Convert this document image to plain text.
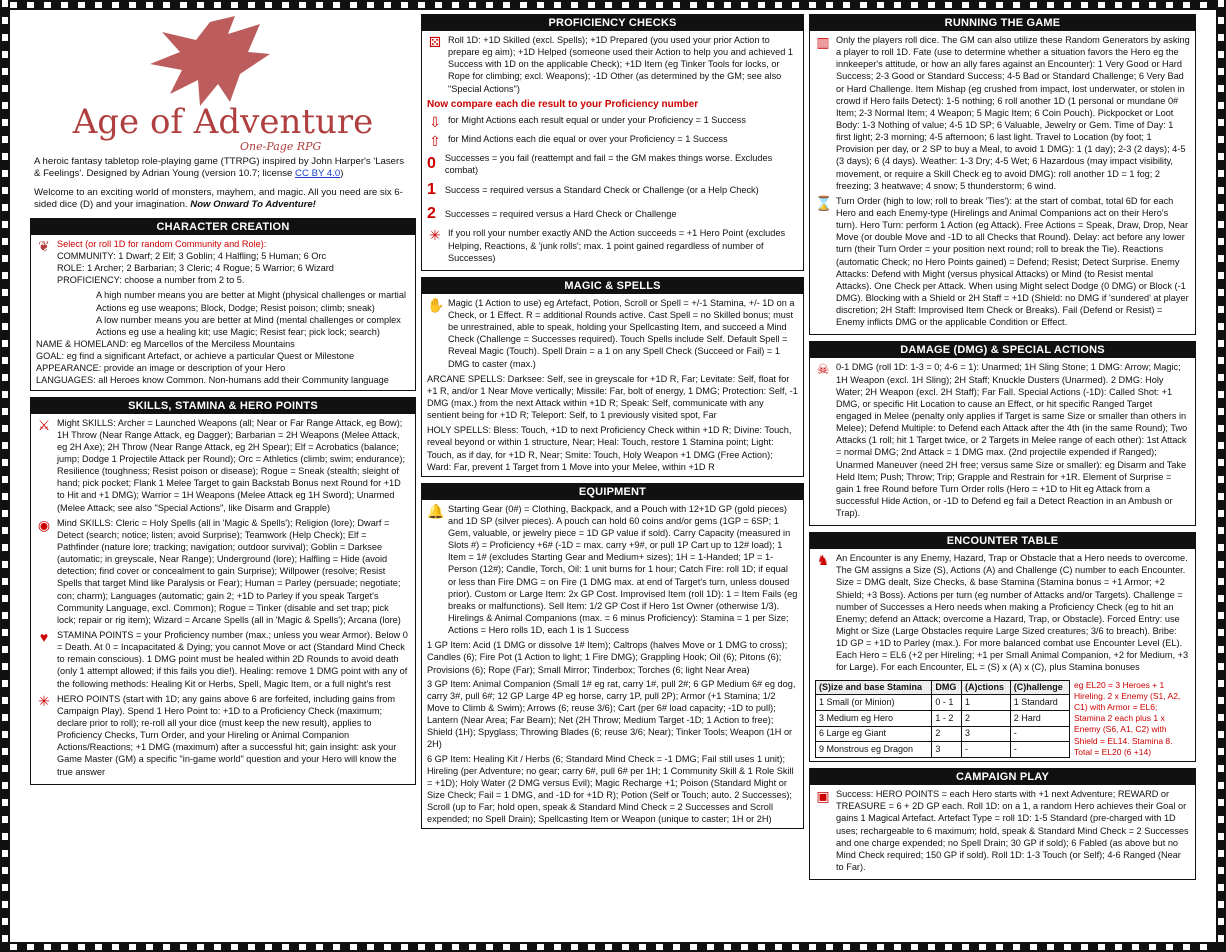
Age of Adventure
One-Page RPG
A heroic fantasy tabletop role-playing game (TTRPG) inspired by John Harper's 'Lasers & Feelings'. Designed by Adrian Young (version 10.7; license CC BY 4.0)
Welcome to an exciting world of monsters, mayhem, and magic. All you need are six 6-sided dice (D) and your imagination. Now Onward To Adventure!
CHARACTER CREATION
❦ Select (or roll 1D for random Community and Role):
COMMUNITY: 1 Dwarf; 2 Elf; 3 Goblin; 4 Halfling; 5 Human; 6 Orc
ROLE: 1 Archer; 2 Barbarian; 3 Cleric; 4 Rogue; 5 Warrior; 6 Wizard
PROFICIENCY: choose a number from 2 to 5.
A high number means you are better at Might (physical challenges or martial Actions eg use weapons; Block, Dodge; Resist poison; climb; sneak)
A low number means you are better at Mind (mental challenges or complex Actions eg use a healing kit; use Magic; Resist fear; pick lock; search)
NAME & HOMELAND: eg Marcellos of the Merciless Mountains
GOAL: eg find a significant Artefact, or achieve a particular Quest or Milestone
APPEARANCE: provide an image or description of your Hero
LANGUAGES: all Heroes know Common. Non-humans add their Community language
SKILLS, STAMINA & HERO POINTS
⚔ Might SKILLS: Archer = Launched Weapons (all; Near or Far Range Attack, eg Bow); 1H Throw (Near Range Attack, eg Dagger); Barbarian = 2H Weapons (Melee Attack, eg 2H Axe); 2H Throw (Near Range Attack, eg 2H Spear); Elf = Acrobatics (balance; jump; Dodge 1 Projectile Attack per Round); Orc = Athletics (climb; swim; endurance); Resilience (toughness; Resist poison or disease); Rogue = Sneak (stealth; sleight of hand; pick pocket; Flank 1 Melee Target to gain Backstab Bonus next Round for +1D to Hit and +1 DMG); Warrior = 1H Weapons (Melee Attack eg 1H Sword); Unarmed (Melee Attack; see also "Special Actions", like Disarm and Grapple)
◉ Mind SKILLS: Cleric = Holy Spells (all in 'Magic & Spells'); Religion (lore); Dwarf = Detect (search; notice; listen; avoid Surprise); Teamwork (Help Check); Elf = Pathfinder (nature lore; tracking; navigation; outdoor survival); Goblin = Darksee (automatic; in greyscale, Near Range); Underground (lore); Halfling = Hide (avoid detection; find cover or concealment to gain Surprise); Willpower (resolve; Resist Spells that target Mind like Paralysis or Fear); Human = Parley (persuade; negotiate; con; charm); Languages (automatic; gain 2; +1D to Parley if you speak Target's Community Language, excl. Common); Rogue = Tinker (disable and set trap; pick lock; repair or rig item); Wizard = Arcane Spells (all in 'Magic & Spells'); Arcana (lore)
♥ STAMINA POINTS = your Proficiency number (max.; unless you wear Armor). Below 0 = Death. At 0 = Incapacitated & Dying; you cannot Move or act (Standard Mind Check to remain conscious). 1 DMG point must be healed within 2D Rounds to avoid death (only 1 attempt allowed; if this fails you die!). Healing: remove 1 DMG point with any of the following methods: Healing Kit or Herbs, Spell, Magic Item, or a full night's rest
✳ HERO POINTS (start with 1D; any gains above 6 are forfeited, including gains from Campaign Play). Spend 1 Hero Point to: +1D to a Proficiency Check (maximum; declare prior to roll); re-roll all your dice (must keep the new result), applies to Proficiency Checks, Turn Order, and your Hireling or Animal Companion Actions/Reactions; +1 DMG (maximum) after a successful hit; gain insight: ask your Game Master (GM) a specific "in-game world" question and your Hero will know the true answer
PROFICIENCY CHECKS
⚄ Roll 1D: +1D Skilled (excl. Spells); +1D Prepared (you used your prior Action to prepare eg aim); +1D Helped (someone used their Action to help you and achieved 1 Success with 1D on the applicable Check); +1D Item (eg Tinker Tools for locks, or Rope for climbing; excl. Weapons); -1D Other (as determined by the GM; see also "Special Actions")
Now compare each die result to your Proficiency number
⇩ for Might Actions each result equal or under your Proficiency = 1 Success
⇧ for Mind Actions each die equal or over your Proficiency = 1 Success
0 Successes = you fail (reattempt and fail = the GM makes things worse. Excludes combat)
1 Success = required versus a Standard Check or Challenge (or a Help Check)
2 Successes = required versus a Hard Check or Challenge
✳ If you roll your number exactly AND the Action succeeds = +1 Hero Point (excludes Helping, Reactions, & 'junk rolls'; max. 1 point gained regardless of number of Successes)
MAGIC & SPELLS
✋ Magic (1 Action to use) eg Artefact, Potion, Scroll or Spell = +/-1 Stamina, +/- 1D on a Check, or 1 Effect. R = additional Rounds active. Cast Spell = no Skilled bonus; must be unrestrained, able to speak, holding your Spellcasting Item, and succeed a Mind Check (Challenge = Successes required). Touch Spells include Self. Default Spell = Reveal Magic (Touch). Spell Drain = a 1 on any Spell Check (Succeed or Fail) = 1 DMG to caster (max.)
ARCANE SPELLS: Darksee: Self, see in greyscale for +1D R, Far; Levitate: Self, float for +1 R, and/or 1 Near Move vertically; Missile: Far, bolt of energy, 1 DMG; Protection: Self, -1 DMG (max.) from the next Attack within +1D R; Speak: Self, communicate with any sentient being for +1D R; Teleport: Self, to 1 previously visited spot, Far
HOLY SPELLS: Bless: Touch, +1D to next Proficiency Check within +1D R; Divine: Touch, reveal beyond or within 1 structure, Near; Heal: Touch, restore 1 Stamina point; Light: Touch, as if day, for +1D R, Near; Smite: Touch, Holy Weapon +1 DMG (Free Action); Ward: Far, prevent 1 Target from 1 Move into your Melee, within +1D R
EQUIPMENT
🔔 Starting Gear (0#) = Clothing, Backpack, and a Pouch with 12+1D GP (gold pieces) and 1D SP (silver pieces). A pouch can hold 60 coins and/or gems (1GP = 6SP; 1 Gem, valuable, or jewelry piece = 1D GP value if sold). Carry Capacity (measured in Slots #) = Proficiency +6# (-1D = max. carry +9#, or pull 1P Cart up to 12# load); 1 Item = 1# (excludes Starting Gear and Medium+ sizes); 1H = 1-Handed; 1P = 1-Person (12#); Candle, Torch, Oil: 1 unit burns for 1 hour; Catch Fire: roll 1D; if equal or less than Fire DMG = on Fire (1 DMG max. at end of Target's turn, unless doused prior). Custom or Large Item: 2x GP Cost. Improvised Item (roll 1D): 1 = Item Fails (eg breaks or malfunctions). Sell Item: 1/2 GP Cost if Hero 1st Owner (otherwise 1/3). Hirelings & Animal Companions (max. = 6 minus Proficiency): Stamina = 1 per Size; Actions = Hero rolls 1D, each 1 is 1 Success
1 GP Item: Acid (1 DMG or dissolve 1# Item); Caltrops (halves Move or 1 DMG to cross); Candles (6); Fire Pot (1 Action to light; 1 Fire DMG); Grappling Hook; Oil (6); Pitons (6); Provisions (6); Rope (Far); Small Mirror; Tinderbox; Torches (6; light Near Area)
3 GP Item: Animal Companion (Small 1# eg rat, carry 1#, pull 2#; 6 GP Medium 6# eg dog, carry 3#, pull 6#; 12 GP Large 4P eg horse, carry 1P, pull 2P); Armor (+1 Stamina; 1/2 Move to Climb & Swim); Arrows (6; reuse 3/6); Cart (per 6# load capacity; -1D to pull); Lantern (Near Area; Far Beam); Net (2H Throw; Medium Target -1D; 1 Action to free); Shield (1H); Spyglass; Throwing Blades (6; reuse 3/6; Near); Tinker Tools; Weapon (1H or 2H)
6 GP Item: Healing Kit / Herbs (6; Standard Mind Check = -1 DMG; Fail still uses 1 unit); Hireling (per Adventure; no gear; carry 6#, pull 6# per 1H; 1 Community Skill & 1 Role Skill = +1D); Holy Water (2 DMG versus Evil); Magic Recharge +1; Poison (Standard Might or Size Check; Fail = 1 DMG, and -1D for +1D R); Potion (Self or Touch; auto. 2 Successes); Scroll (up to Far; hold open, speak & Standard Mind Check = 2 Successes and Scroll expended; no Spell Drain); Spellcasting Item or Weapon (unique to caster; 1H or 2H)
RUNNING THE GAME
▥ Only the players roll dice. The GM can also utilize these Random Generators by asking a player to roll 1D. Fate (use to determine whether a situation favors the Hero eg the innkeeper's attitude, or how an ally fares against an Encounter): 1 Very Good or Hard Success; 2-3 Good or Standard Success; 4-5 Bad or Standard Challenge; 6 Very Bad or Hard Challenge. Item Mishap (eg crushed from impact, lost underwater, or stolen in crowd if Hero fails Detect): 1-5 nothing; 6 roll another 1D (1 personal or mundane 0# Item; 2-3 Normal Item; 4 Weapon; 5 Magic Item; 6 Coin Pouch). Pickpocket or Loot Body: 1-3 Nothing of value; 4-5 1D SP; 6 Valuable, Jewelry or Gem. Time of Day: 1 first light; 2-3 morning; 4-5 afternoon; 6 last light. Travel to Location (by foot; 1 Provision per day, or 2 SP to buy a Meal, to avoid 1 DMG): 1 (1 day); 2-3 (2 days); 4-5 (3 days); 6 (4 days). Weather: 1-3 Dry; 4-5 Wet; 6 Hazardous (may impact visibility, movement, or require a Skill Check eg to avoid DMG): roll another 1D = 1 fog; 2 freezing; 3 heatwave; 4 snow; 5 thunderstorm; 6 wind.
⌛ Turn Order (high to low; roll to break 'Ties'): at the start of combat, total 6D for each Hero and each Enemy-type (Hirelings and Animal Companions act on their Hero's turn). Hero Turn: perform 1 Action (eg Attack). Free Actions = Speak, Draw, Drop, Near Move (or double Move and -1D to all Checks that Round). Delay: act before any lower turn (their Turn Order = your position next round; roll to break the Tie). Reactions (automatic Check; no Hero Points gained) = Defend; Resist; Detect Surprise. Enemy Attacks: Defend with Might (versus physical Attacks) or Mind (to Resist mental Attacks). One Check per Attack. When using Might select Dodge (0 DMG) or Block (-1 DMG). Blocking with a Shield or 2H Staff = +1D (Shield: no DMG if 'sundered' at player discretion; 2H Staff: Improvised Item Check or Breaks). Fail (Defend or Resist) = Enemy inflicts DMG or the applicable Condition or Effect.
DAMAGE (DMG) & SPECIAL ACTIONS
☠ 0-1 DMG (roll 1D: 1-3 = 0; 4-6 = 1): Unarmed; 1H Sling Stone; 1 DMG: Arrow; Magic; 1H Weapon (excl. 1H Sling); 2H Staff; Knuckle Dusters (Unarmed). 2 DMG: Holy Water; 2H Weapon (excl. 2H Staff); Far Fall. Special Actions (-1D): Called Shot: +1 DMG, or specific Hit Location to cause an Effect, or hit specific Ranged Target engaged in Melee (penalty only applies if Target is same Size or smaller than others in Melee); Defend Multiple: to Defend each Attack after the 4th (in the same Round); Two Attacks (1 roll; hit 1 Target twice, or 2 Targets in Melee range of each other): 1st Attack = normal DMG; 2nd Attack = 1 DMG max. (2nd projectile expended if Ranged); Unarmed Maneuver (need 2H free; versus same Size or smaller): eg Disarm and Take Held Item; Push; Throw; Trip; Grapple and Restrain for +1R. Element of Surprise = gain 1 free Round before Turn Order rolls (Hero = +1D to Hit eg Attack from a successful Hide Action, or -1D to Defend eg fail a Detect Reaction in an Ambush or Trap).
ENCOUNTER TABLE
♞ An Encounter is any Enemy, Hazard, Trap or Obstacle that a Hero needs to overcome. The GM assigns a Size (S), Actions (A) and Challenge (C) number to each Encounter. Size = DMG dealt, Size Checks, & base Stamina (Stamina bonus = +1 Armor; +2 Shield; +3 Boss). Actions per turn (eg number of Attacks and/or Targets). Challenge = number of Successes a Hero needs when making a Proficiency Check (eg to hit an Enemy; defend an Attack; overcome a Hazard, Trap, or Obstacle). Forced Entry: use Might or Size (Large Obstacles require Large Sized creatures; 3/6 to breach). Bribe: 1D GP = +1D to Parley (max.). For more balanced combat use Encounter Level (EL). Each Hero = EL6 (+2 per Hireling; +1 per Small Animal Companion, +2 for Medium, +3 for Large). For each Encounter, EL = (S) x (A) x (C), plus Stamina bonuses
(S)ize and base Stamina	DMG	(A)ctions	(C)hallenge
1 Small (or Minion)	0 - 1	1	1 Standard
3 Medium eg Hero	1 - 2	2	2 Hard
6 Large eg Giant	2	3	-
9 Monstrous eg Dragon	3	-	-
eg EL20 = 3 Heroes + 1 Hireling. 2 x Enemy (S1, A2, C1) with Armor = EL6; Stamina 2 each plus 1 x Enemy (S6, A1, C2) with Shield = EL14. Stamina 8. Total = EL20 (6 +14)
CAMPAIGN PLAY
▣ Success: HERO POINTS = each Hero starts with +1 next Adventure; REWARD or TREASURE = 6 + 2D GP each. Roll 1D: on a 1, a random Hero achieves their Goal or gains 1 Magical Artefact. Artefact Type = roll 1D: 1-5 Standard (pre-charged with 1D uses; rechargeable to 6 maximum; hold, speak & Standard Mind Check = 2 Successes and one charge expended; no Spell Drain; 30 GP if sold); 6 Fabled (as above but no Mind Check required; 150 GP if sold). Roll 1D: 1-3 Touch (or Self); 4-6 Ranged (Near to Far).
